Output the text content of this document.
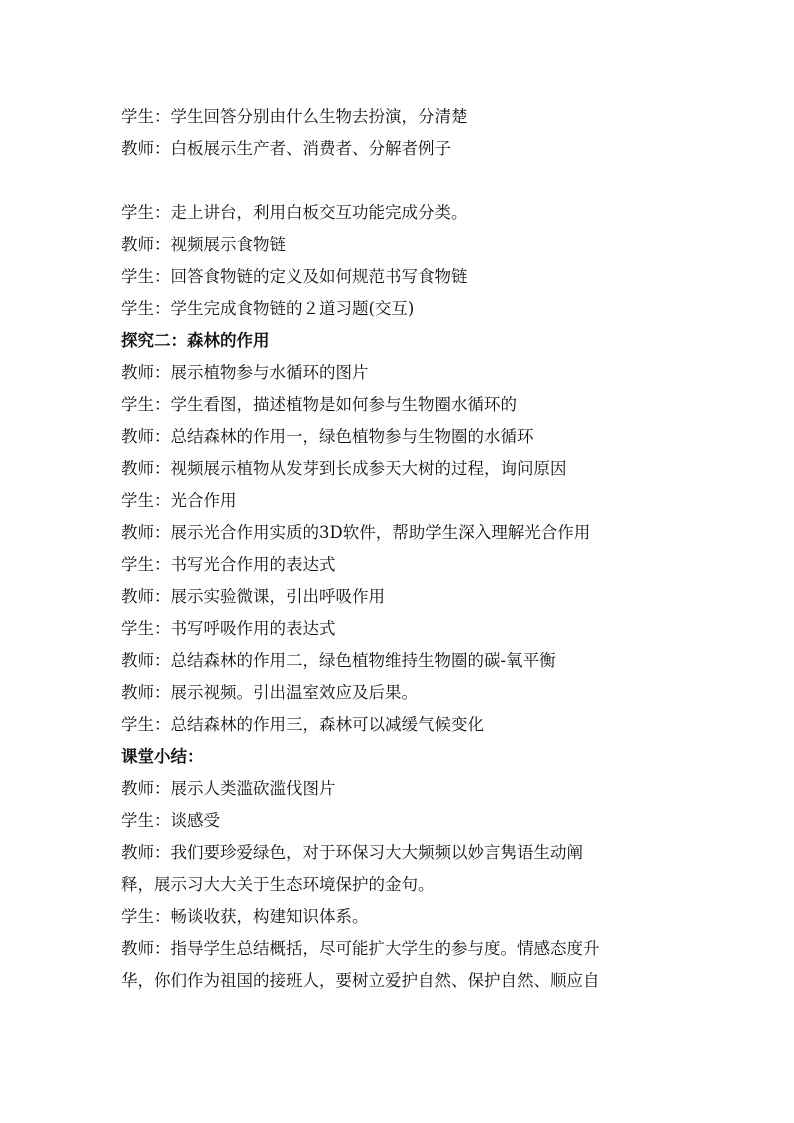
学生：学生回答分别由什么生物去扮演，分清楚
教师：白板展示生产者、消费者、分解者例子
学生：走上讲台，利用白板交互功能完成分类。
教师：视频展示食物链
学生：回答食物链的定义及如何规范书写食物链
学生：学生完成食物链的２道习题(交互)
探究二：森林的作用
教师：展示植物参与水循环的图片
学生：学生看图，描述植物是如何参与生物圈水循环的
教师：总结森林的作用一，绿色植物参与生物圈的水循环
教师：视频展示植物从发芽到长成参天大树的过程，询问原因
学生：光合作用
教师：展示光合作用实质的3D软件，帮助学生深入理解光合作用
学生：书写光合作用的表达式
教师：展示实验微课，引出呼吸作用
学生：书写呼吸作用的表达式
教师：总结森林的作用二，绿色植物维持生物圈的碳-氧平衡
教师：展示视频。引出温室效应及后果。
学生：总结森林的作用三，森林可以减缓气候变化
课堂小结：
教师：展示人类滥砍滥伐图片
学生：谈感受
教师：我们要珍爱绿色，对于环保习大大频频以妙言隽语生动阐
释，展示习大大关于生态环境保护的金句。
学生：畅谈收获，构建知识体系。
教师：指导学生总结概括，尽可能扩大学生的参与度。情感态度升
华，你们作为祖国的接班人，要树立爱护自然、保护自然、顺应自
